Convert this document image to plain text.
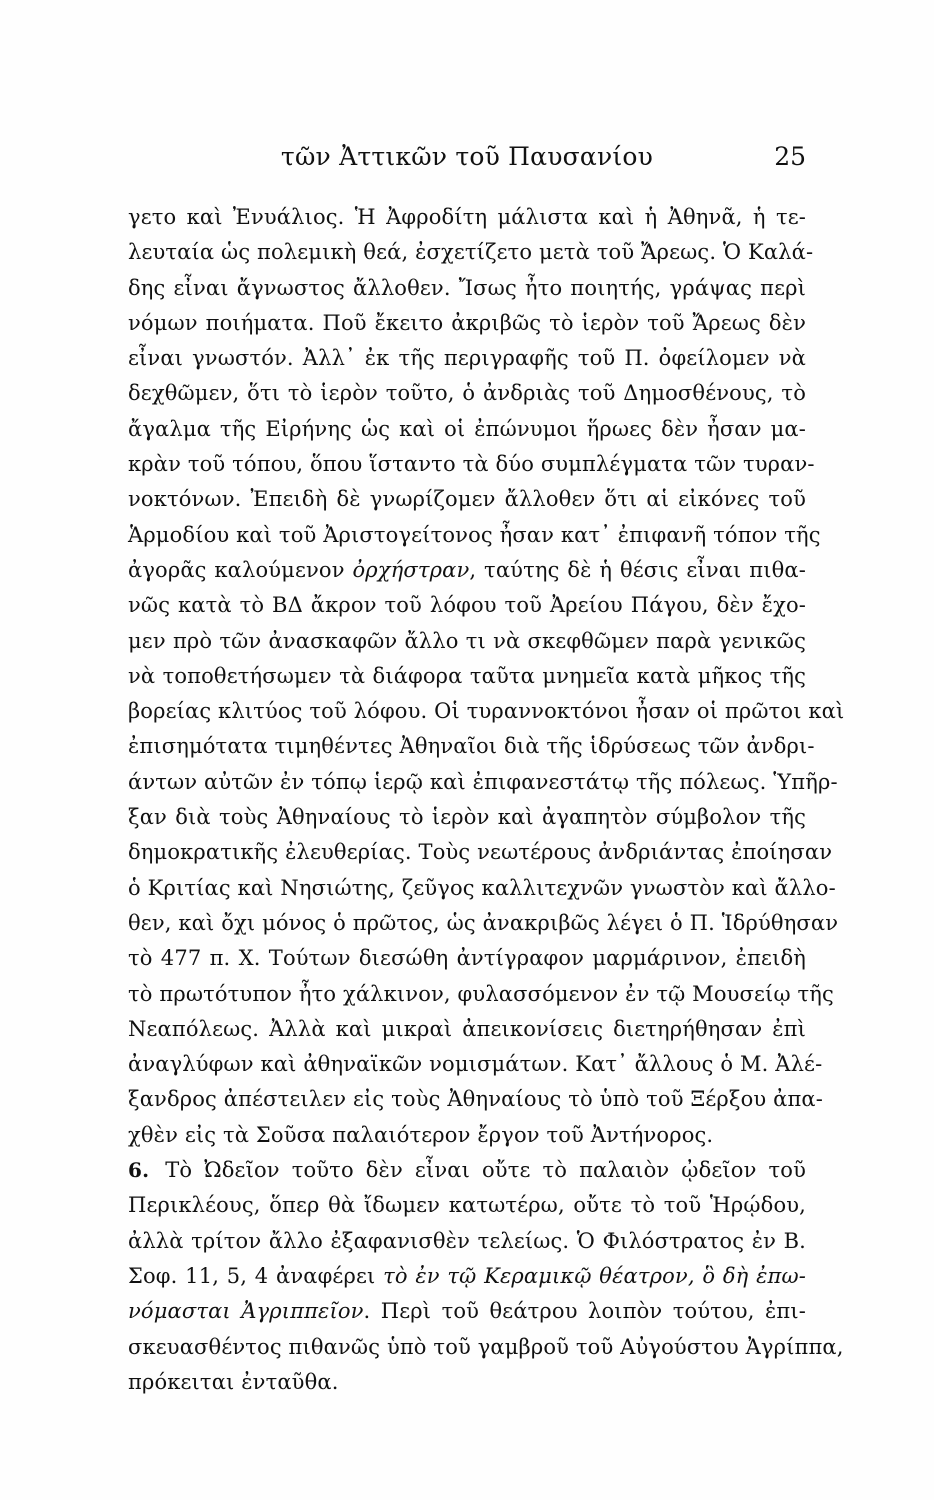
τῶν Ἀττικῶν τοῦ Παυσανίου	25
γετο καὶ Ἐνυάλιος. Ἡ Ἀφροδίτη μάλιστα καὶ ἡ Ἀθηνᾶ, ἡ τε-
λευταία ὡς πολεμικὴ θεά, ἐσχετίζετο μετὰ τοῦ Ἄρεως. Ὁ Καλά-
δης εἶναι ἄγνωστος ἄλλοθεν. Ἴσως ἦτο ποιητής, γράψας περὶ
νόμων ποιήματα. Ποῦ ἔκειτο ἀκριβῶς τὸ ἱερὸν τοῦ Ἄρεως δὲν
εἶναι γνωστόν. Ἀλλ᾽ ἐκ τῆς περιγραφῆς τοῦ Π. ὀφείλομεν νὰ
δεχθῶμεν, ὅτι τὸ ἱερὸν τοῦτο, ὁ ἀνδριὰς τοῦ Δημοσθένους, τὸ
ἄγαλμα τῆς Εἰρήνης ὡς καὶ οἱ ἐπώνυμοι ἥρωες δὲν ἦσαν μα-
κρὰν τοῦ τόπου, ὅπου ἵσταντο τὰ δύο συμπλέγματα τῶν τυραν-
νοκτόνων. Ἐπειδὴ δὲ γνωρίζομεν ἄλλοθεν ὅτι αἱ εἰκόνες τοῦ
Ἁρμοδίου καὶ τοῦ Ἀριστογείτονος ἦσαν κατ᾽ ἐπιφανῆ τόπον τῆς
ἀγορᾶς καλούμενον ὀρχήστραν, ταύτης δὲ ἡ θέσις εἶναι πιθα-
νῶς κατὰ τὸ ΒΔ ἄκρον τοῦ λόφου τοῦ Ἀρείου Πάγου, δὲν ἔχο-
μεν πρὸ τῶν ἀνασκαφῶν ἄλλο τι νὰ σκεφθῶμεν παρὰ γενικῶς
νὰ τοποθετήσωμεν τὰ διάφορα ταῦτα μνημεῖα κατὰ μῆκος τῆς
βορείας κλιτύος τοῦ λόφου. Οἱ τυραννοκτόνοι ἦσαν οἱ πρῶτοι καὶ
ἐπισημότατα τιμηθέντες Ἀθηναῖοι διὰ τῆς ἱδρύσεως τῶν ἀνδρι-
άντων αὐτῶν ἐν τόπῳ ἱερῷ καὶ ἐπιφανεστάτῳ τῆς πόλεως. Ὑπῆρ-
ξαν διὰ τοὺς Ἀθηναίους τὸ ἱερὸν καὶ ἀγαπητὸν σύμβολον τῆς
δημοκρατικῆς ἐλευθερίας. Τοὺς νεωτέρους ἀνδριάντας ἐποίησαν
ὁ Κριτίας καὶ Νησιώτης, ζεῦγος καλλιτεχνῶν γνωστὸν καὶ ἄλλο-
θεν, καὶ ὄχι μόνος ὁ πρῶτος, ὡς ἀνακριβῶς λέγει ὁ Π. Ἱδρύθησαν
τὸ 477 π. Χ. Τούτων διεσώθη ἀντίγραφον μαρμάρινον, ἐπειδὴ
τὸ πρωτότυπον ἦτο χάλκινον, φυλασσόμενον ἐν τῷ Μουσείῳ τῆς
Νεαπόλεως. Ἀλλὰ καὶ μικραὶ ἀπεικονίσεις διετηρήθησαν ἐπὶ
ἀναγλύφων καὶ ἀθηναϊκῶν νομισμάτων. Κατ᾽ ἄλλους ὁ Μ. Ἀλέ-
ξανδρος ἀπέστειλεν εἰς τοὺς Ἀθηναίους τὸ ὑπὸ τοῦ Ξέρξου ἀπα-
χθὲν εἰς τὰ Σοῦσα παλαιότερον ἔργον τοῦ Ἀντήνορος.
6. Τὸ Ὠδεῖον τοῦτο δὲν εἶναι οὔτε τὸ παλαιὸν ᾠδεῖον τοῦ
Περικλέους, ὅπερ θὰ ἴδωμεν κατωτέρω, οὔτε τὸ τοῦ Ἡρῴδου,
ἀλλὰ τρίτον ἄλλο ἐξαφανισθὲν τελείως. Ὁ Φιλόστρατος ἐν Β.
Σοφ. 11, 5, 4 ἀναφέρει τὸ ἐν τῷ Κεραμικῷ θέατρον, ὃ δὴ ἐπω-
νόμασται Ἀγριππεῖον. Περὶ τοῦ θεάτρου λοιπὸν τούτου, ἐπι-
σκευασθέντος πιθανῶς ὑπὸ τοῦ γαμβροῦ τοῦ Αὐγούστου Ἀγρίππα,
πρόκειται ἐνταῦθα.
